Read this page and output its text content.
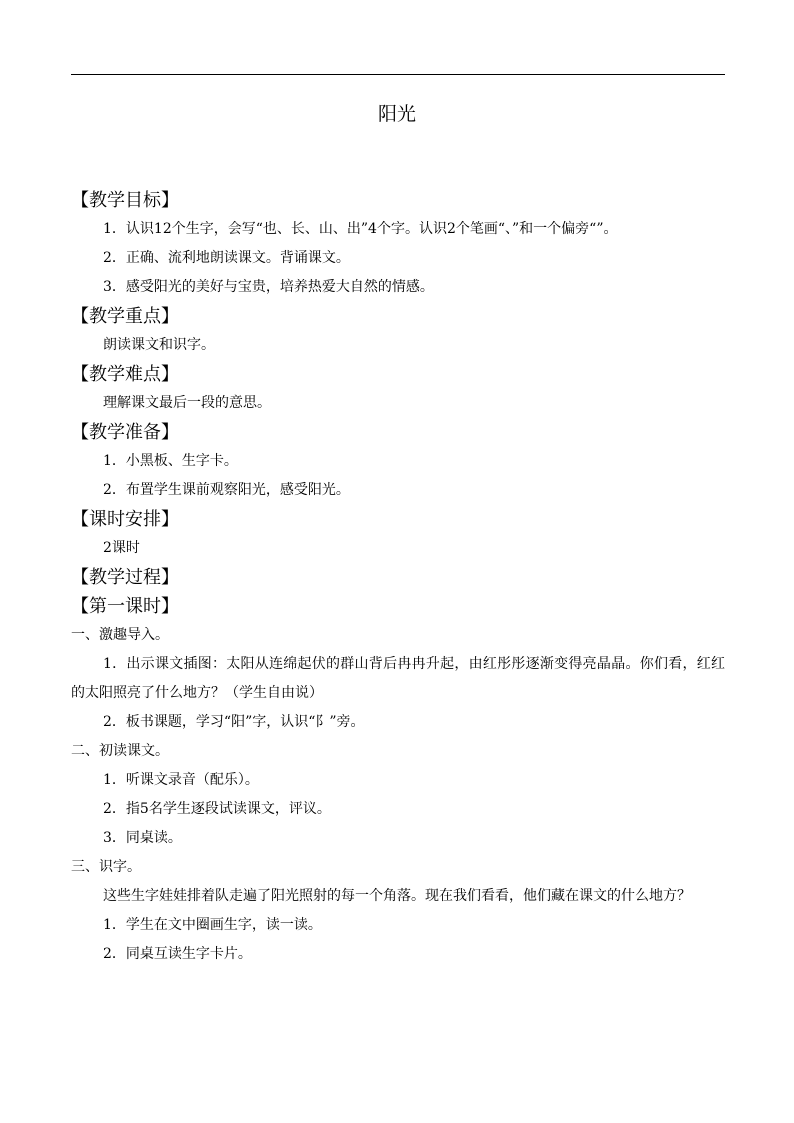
阳光
【教学目标】

1．认识12个生字，会写“也、长、山、出”4个字。认识2个笔画“、”和一个偏旁“”。

2．正确、流利地朗读课文。背诵课文。

3．感受阳光的美好与宝贵，培养热爱大自然的情感。

【教学重点】

朗读课文和识字。

【教学难点】

理解课文最后一段的意思。

【教学准备】

1．小黑板、生字卡。

2．布置学生课前观察阳光，感受阳光。

【课时安排】

2课时

【教学过程】
【第一课时】

一、激趣导入。

1．出示课文插图：太阳从连绵起伏的群山背后冉冉升起，由红彤彤逐渐变得亮晶晶。你们看，红红的太阳照亮了什么地方？（学生自由说）

2．板书课题，学习“阳”字，认识“阝”旁。

二、初读课文。

1．听课文录音（配乐）。

2．指5名学生逐段试读课文，评议。

3．同桌读。

三、识字。

这些生字娃娃排着队走遍了阳光照射的每一个角落。现在我们看看，他们藏在课文的什么地方？

1．学生在文中圈画生字，读一读。

2．同桌互读生字卡片。
